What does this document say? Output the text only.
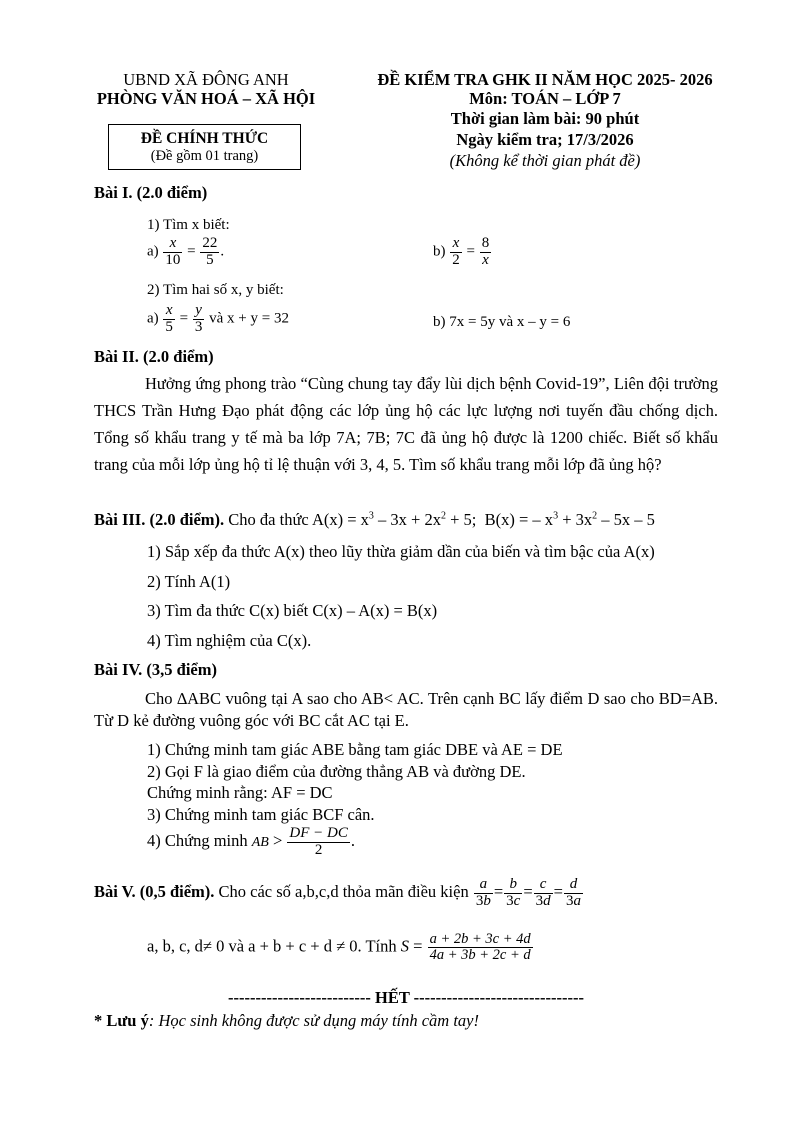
UBND XÃ ĐÔNG ANH
PHÒNG VĂN HOÁ – XÃ HỘI
ĐỀ CHÍNH THỨC
(Đề gồm 01 trang)
ĐỀ KIỂM TRA GHK II NĂM HỌC 2025- 2026
Môn: TOÁN – LỚP 7
Thời gian làm bài: 90 phút
Ngày kiểm tra; 17/3/2026
(Không kể thời gian phát đề)
Bài I. (2.0 điểm)
1) Tìm x biết:
$a) \frac{x}{10} = \frac{22}{5}$ .	$b) \frac{x}{2} = \frac{8}{x}$
2) Tìm hai số x, y biết:
$a) \frac{x}{5} = \frac{y}{3}$ và x + y = 32	b) 7x = 5y và x – y = 6
Bài II. (2.0 điểm)
Hưởng ứng phong trào “Cùng chung tay đẩy lùi dịch bệnh Covid-19”, Liên đội trường THCS Trần Hưng Đạo phát động các lớp ủng hộ các lực lượng nơi tuyến đầu chống dịch. Tổng số khẩu trang y tế mà ba lớp 7A; 7B; 7C đã ủng hộ được là 1200 chiếc. Biết số khẩu trang của mỗi lớp ủng hộ tỉ lệ thuận với 3, 4, 5. Tìm số khẩu trang mỗi lớp đã ủng hộ?
Bài III. (2.0 điểm). Cho đa thức $A(x) = x^3 - 3x + 2x^2 + 5$;  B(x) = – $x^3 + 3x^2 - 5x - 5$
1) Sắp xếp đa thức A(x) theo lũy thừa giảm dần của biến và tìm bậc của A(x)
2) Tính A(1)
3) Tìm đa thức C(x) biết C(x) – A(x) = B(x)
4) Tìm nghiệm của C(x).
Bài IV. (3,5 điểm)
Cho ∆ABC vuông tại A sao cho AB< AC. Trên cạnh BC lấy điểm D sao cho BD=AB. Từ D kẻ đường vuông góc với BC cắt AC tại E.
1) Chứng minh tam giác ABE bằng tam giác DBE và AE = DE
2) Gọi F là giao điểm của đường thẳng AB và đường DE.
Chứng minh rằng: AF = DC
3) Chứng minh tam giác BCF cân.
4) Chứng minh AB > $\frac{DF - DC}{2}$ .
Bài V. (0,5 điểm). Cho các số a,b,c,d thỏa mãn điều kiện $\frac{a}{3b} = \frac{b}{3c} = \frac{c}{3d} = \frac{d}{3a}$
a, b, c, d≠ 0 và a + b + c + d ≠ 0. Tính $S = \frac{a + 2b + 3c + 4d}{4a + 3b + 2c + d}$
-------------------------- HẾT -------------------------------
* Lưu ý: Học sinh không được sử dụng máy tính cầm tay!
